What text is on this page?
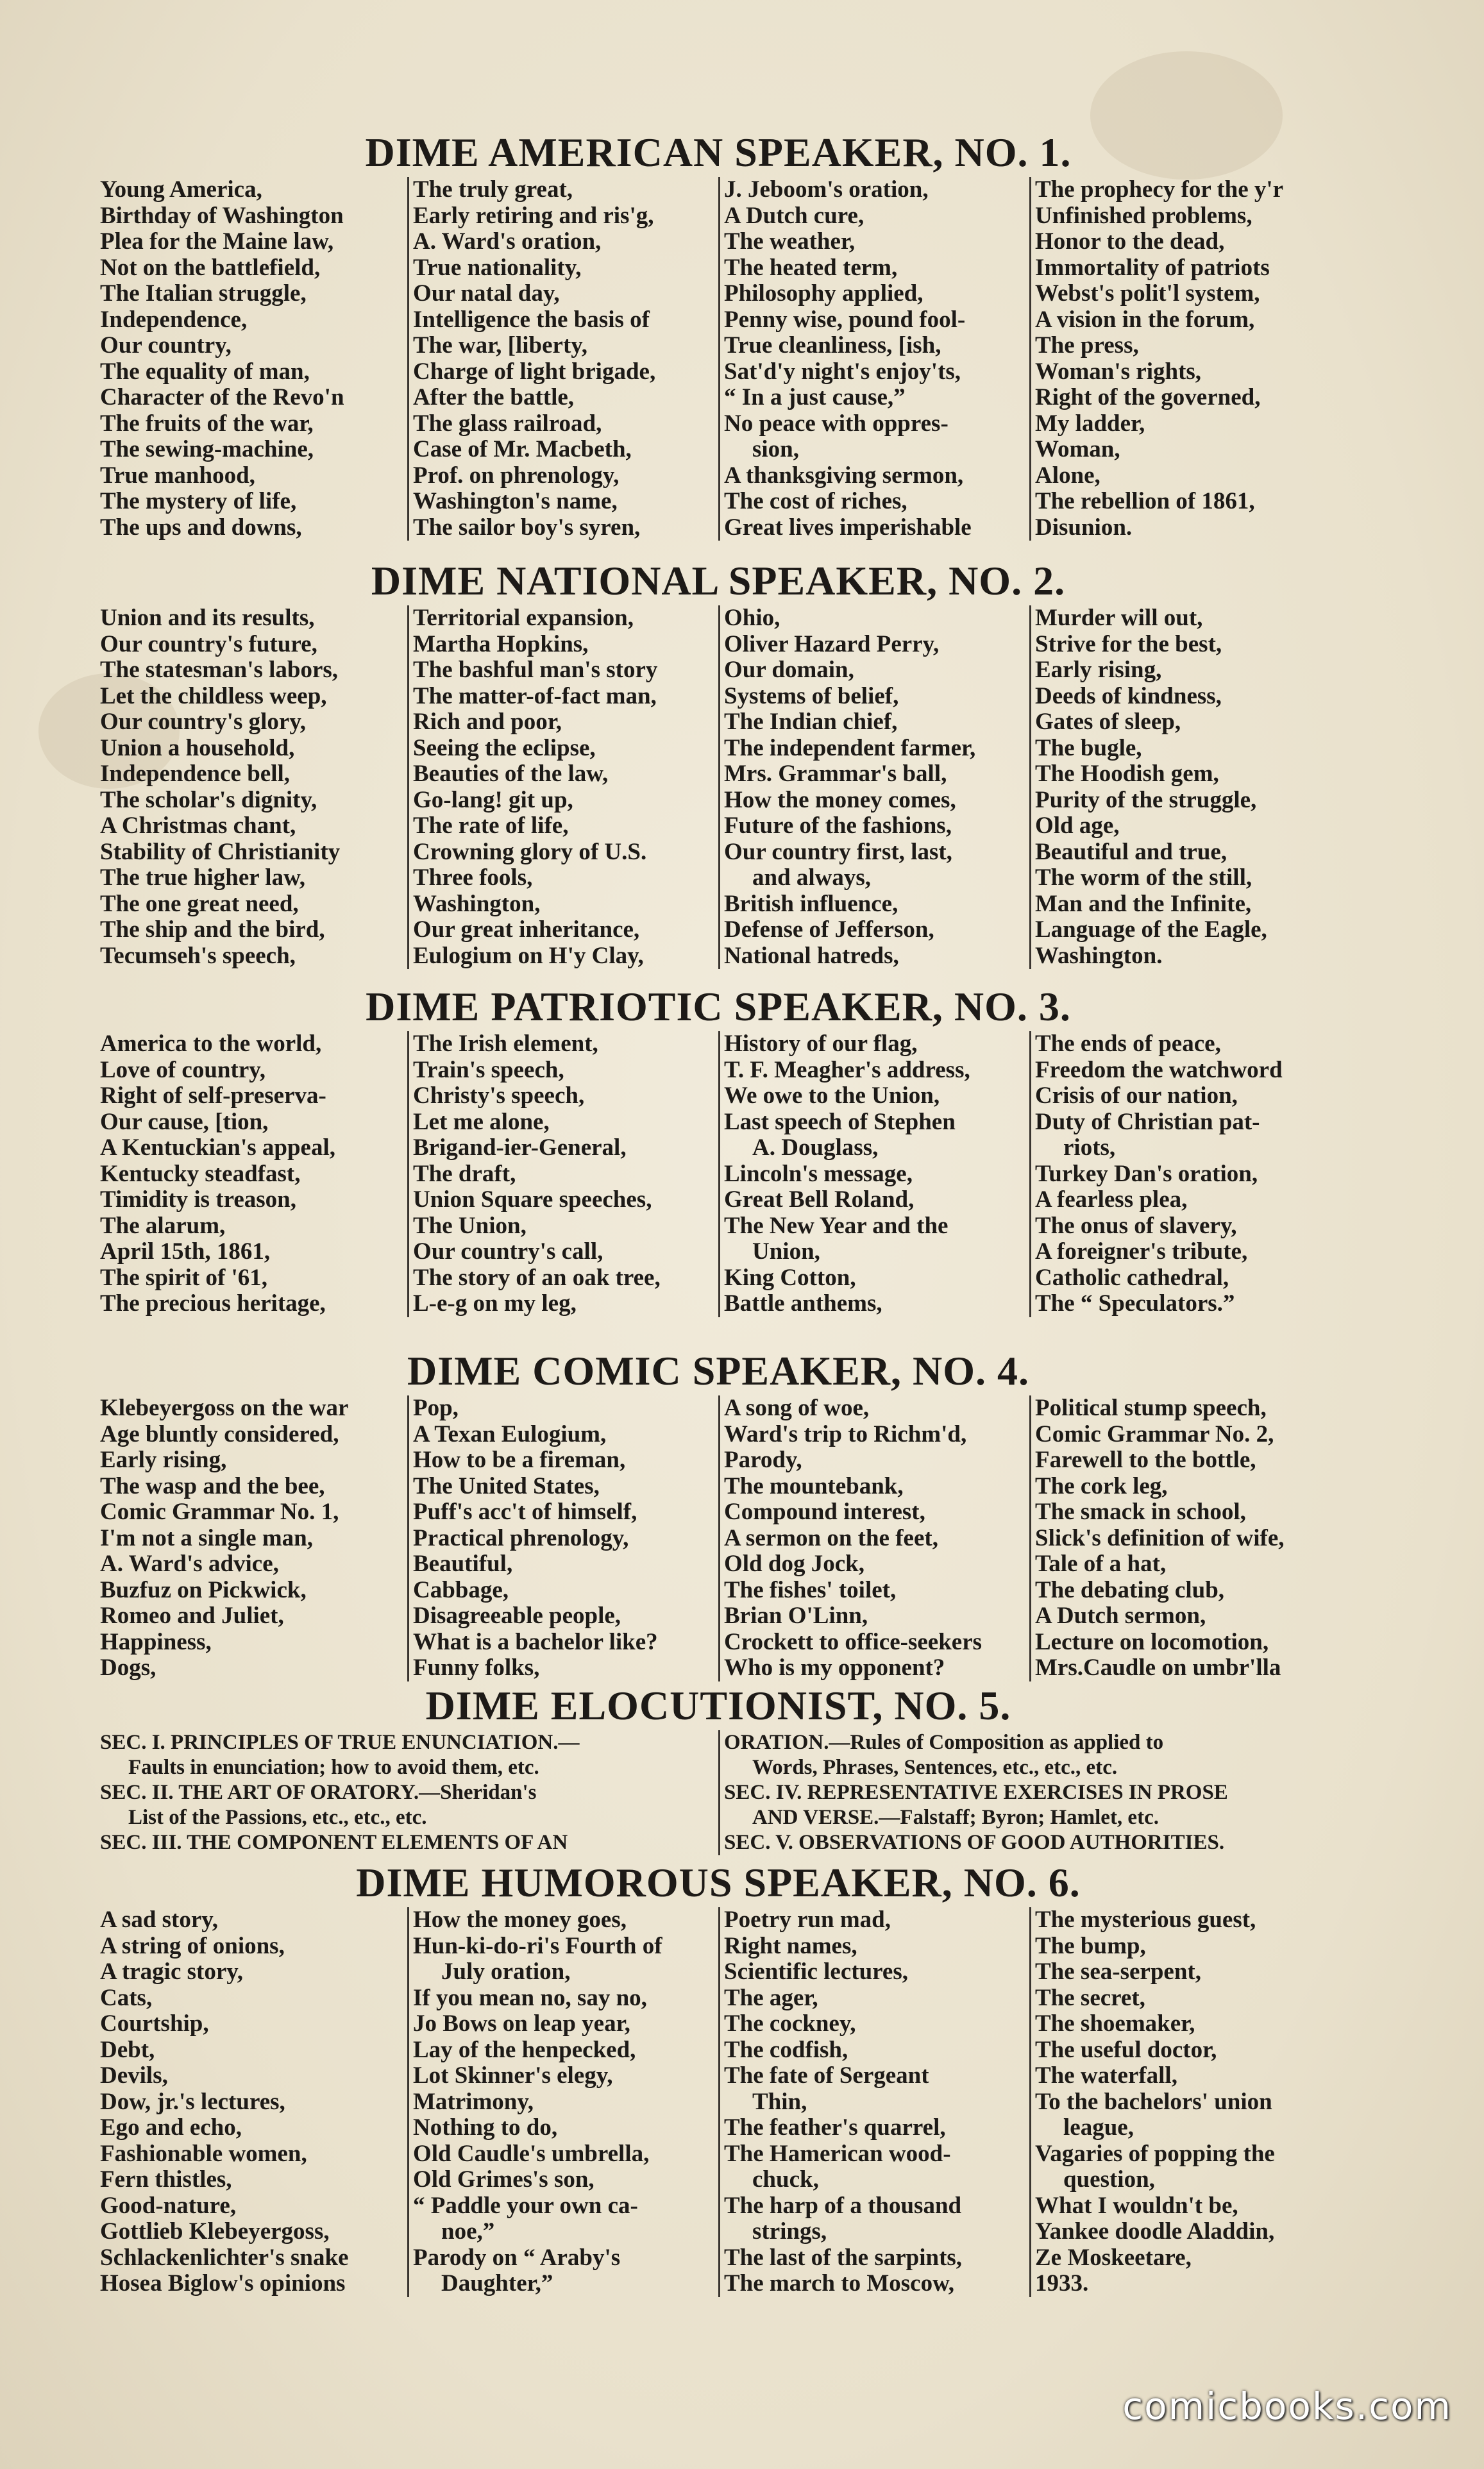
DIME AMERICAN SPEAKER, NO. 1.
Young America,
Birthday of Washington
Plea for the Maine law,
Not on the battlefield,
The Italian struggle,
Independence,
Our country,
The equality of man,
Character of the Revo'n
The fruits of the war,
The sewing-machine,
True manhood,
The mystery of life,
The ups and downs,
The truly great,
Early retiring and ris'g,
A. Ward's oration,
True nationality,
Our natal day,
Intelligence the basis of
The war, [liberty,
Charge of light brigade,
After the battle,
The glass railroad,
Case of Mr. Macbeth,
Prof. on phrenology,
Washington's name,
The sailor boy's syren,
J. Jeboom's oration,
A Dutch cure,
The weather,
The heated term,
Philosophy applied,
Penny wise, pound fool-
True cleanliness, [ish,
Sat'd'y night's enjoy'ts,
“ In a just cause,”
No peace with oppres-
sion,
A thanksgiving sermon,
The cost of riches,
Great lives imperishable
The prophecy for the y'r
Unfinished problems,
Honor to the dead,
Immortality of patriots
Webst's polit'l system,
A vision in the forum,
The press,
Woman's rights,
Right of the governed,
My ladder,
Woman,
Alone,
The rebellion of 1861,
Disunion.
DIME NATIONAL SPEAKER, NO. 2.
Union and its results,
Our country's future,
The statesman's labors,
Let the childless weep,
Our country's glory,
Union a household,
Independence bell,
The scholar's dignity,
A Christmas chant,
Stability of Christianity
The true higher law,
The one great need,
The ship and the bird,
Tecumseh's speech,
Territorial expansion,
Martha Hopkins,
The bashful man's story
The matter-of-fact man,
Rich and poor,
Seeing the eclipse,
Beauties of the law,
Go-lang! git up,
The rate of life,
Crowning glory of U.S.
Three fools,
Washington,
Our great inheritance,
Eulogium on H'y Clay,
Ohio,
Oliver Hazard Perry,
Our domain,
Systems of belief,
The Indian chief,
The independent farmer,
Mrs. Grammar's ball,
How the money comes,
Future of the fashions,
Our country first, last,
and always,
British influence,
Defense of Jefferson,
National hatreds,
Murder will out,
Strive for the best,
Early rising,
Deeds of kindness,
Gates of sleep,
The bugle,
The Hoodish gem,
Purity of the struggle,
Old age,
Beautiful and true,
The worm of the still,
Man and the Infinite,
Language of the Eagle,
Washington.
DIME PATRIOTIC SPEAKER, NO. 3.
America to the world,
Love of country,
Right of self-preserva-
Our cause, [tion,
A Kentuckian's appeal,
Kentucky steadfast,
Timidity is treason,
The alarum,
April 15th, 1861,
The spirit of '61,
The precious heritage,
The Irish element,
Train's speech,
Christy's speech,
Let me alone,
Brigand-ier-General,
The draft,
Union Square speeches,
The Union,
Our country's call,
The story of an oak tree,
L-e-g on my leg,
History of our flag,
T. F. Meagher's address,
We owe to the Union,
Last speech of Stephen
A. Douglass,
Lincoln's message,
Great Bell Roland,
The New Year and the
Union,
King Cotton,
Battle anthems,
The ends of peace,
Freedom the watchword
Crisis of our nation,
Duty of Christian pat-
riots,
Turkey Dan's oration,
A fearless plea,
The onus of slavery,
A foreigner's tribute,
Catholic cathedral,
The “ Speculators.”
DIME COMIC SPEAKER, NO. 4.
Klebeyergoss on the war
Age bluntly considered,
Early rising,
The wasp and the bee,
Comic Grammar No. 1,
I'm not a single man,
A. Ward's advice,
Buzfuz on Pickwick,
Romeo and Juliet,
Happiness,
Dogs,
Pop,
A Texan Eulogium,
How to be a fireman,
The United States,
Puff's acc't of himself,
Practical phrenology,
Beautiful,
Cabbage,
Disagreeable people,
What is a bachelor like?
Funny folks,
A song of woe,
Ward's trip to Richm'd,
Parody,
The mountebank,
Compound interest,
A sermon on the feet,
Old dog Jock,
The fishes' toilet,
Brian O'Linn,
Crockett to office-seekers
Who is my opponent?
Political stump speech,
Comic Grammar No. 2,
Farewell to the bottle,
The cork leg,
The smack in school,
Slick's definition of wife,
Tale of a hat,
The debating club,
A Dutch sermon,
Lecture on locomotion,
Mrs.Caudle on umbr'lla
DIME ELOCUTIONIST, NO. 5.
SEC. I. PRINCIPLES OF TRUE ENUNCIATION.—
Faults in enunciation; how to avoid them, etc.
SEC. II. THE ART OF ORATORY.—Sheridan's
List of the Passions, etc., etc., etc.
SEC. III. THE COMPONENT ELEMENTS OF AN
ORATION.—Rules of Composition as applied to
Words, Phrases, Sentences, etc., etc., etc.
SEC. IV. REPRESENTATIVE EXERCISES IN PROSE
AND VERSE.—Falstaff; Byron; Hamlet, etc.
SEC. V. OBSERVATIONS OF GOOD AUTHORITIES.
DIME HUMOROUS SPEAKER, NO. 6.
A sad story,
A string of onions,
A tragic story,
Cats,
Courtship,
Debt,
Devils,
Dow, jr.'s lectures,
Ego and echo,
Fashionable women,
Fern thistles,
Good-nature,
Gottlieb Klebeyergoss,
Schlackenlichter's snake
Hosea Biglow's opinions
How the money goes,
Hun-ki-do-ri's Fourth of
July oration,
If you mean no, say no,
Jo Bows on leap year,
Lay of the henpecked,
Lot Skinner's elegy,
Matrimony,
Nothing to do,
Old Caudle's umbrella,
Old Grimes's son,
“ Paddle your own ca-
noe,”
Parody on “ Araby's
Daughter,”
Poetry run mad,
Right names,
Scientific lectures,
The ager,
The cockney,
The codfish,
The fate of Sergeant
Thin,
The feather's quarrel,
The Hamerican wood-
chuck,
The harp of a thousand
strings,
The last of the sarpints,
The march to Moscow,
The mysterious guest,
The bump,
The sea-serpent,
The secret,
The shoemaker,
The useful doctor,
The waterfall,
To the bachelors' union
league,
Vagaries of popping the
question,
What I wouldn't be,
Yankee doodle Aladdin,
Ze Moskeetare,
1933.
comicbooks.com
